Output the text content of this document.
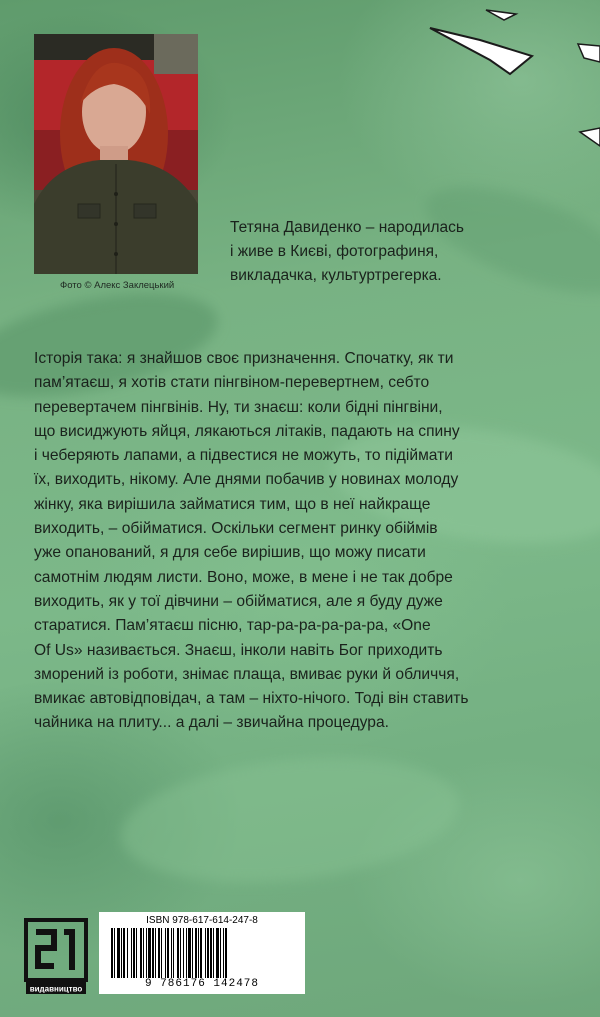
Фото © Алекс Заклецький
Тетяна Давиденко – народилась
і живе в Києві, фотографиня,
викладачка, культуртрегерка.
Історія така: я знайшов своє призначення. Спочатку, як ти
пам’ятаєш, я хотів стати пінгвіном-перевертнем, себто
перевертачем пінгвінів. Ну, ти знаєш: коли бідні пінгвіни,
що висиджують яйця, лякаються літаків, падають на спину
і чеберяють лапами, а підвестися не можуть, то підіймати
їх, виходить, нікому. Але днями побачив у новинах молоду
жінку, яка вирішила займатися тим, що в неї найкраще
виходить, – обійматися. Оскільки сегмент ринку обіймів
уже опанований, я для себе вирішив, що можу писати
самотнім людям листи. Воно, може, в мене і не так добре
виходить, як у тої дівчини – обійматися, але я буду дуже
старатися. Пам’ятаєш пісню, тар-ра-ра-ра-ра-ра, «One
Of Us» називається. Знаєш, інколи навіть Бог приходить
зморений із роботи, знімає плаща, вмиває руки й обличчя,
вмикає автовідповідач, а там – ніхто-нічого. Тоді він ставить
чайника на плиту... а далі – звичайна процедура.
видавництво
ISBN 978-617-614-247-8
9 786176 142478
